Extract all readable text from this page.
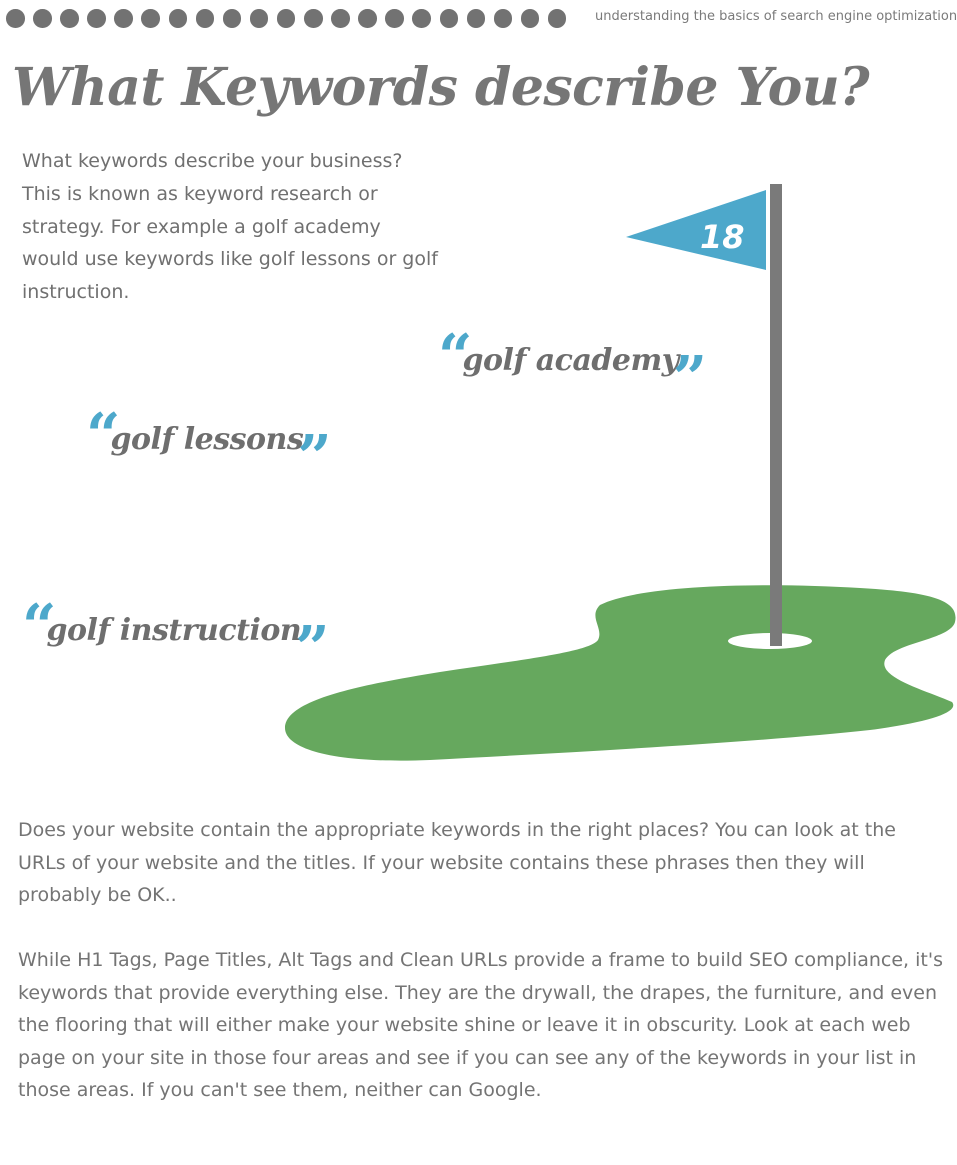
understanding the basics of search engine optimization
What Keywords describe You?
What keywords describe your business? This is known as keyword research or strategy. For example a golf academy would use keywords like golf lessons or golf instruction.
18
“
golf academy
”
“
golf lessons
”
“
golf instruction
”

Does your website contain the appropriate keywords in the right places? You can look at the URLs of your website and the titles. If your website contains these phrases then they will probably be OK..

While H1 Tags, Page Titles, Alt Tags and Clean URLs provide a frame to build SEO compliance, it's keywords that provide everything else. They are the drywall, the drapes, the furniture, and even the flooring that will either make your website shine or leave it in obscurity. Look at each web page on your site in those four areas and see if you can see any of the keywords in your list in those areas. If you can't see them, neither can Google.
